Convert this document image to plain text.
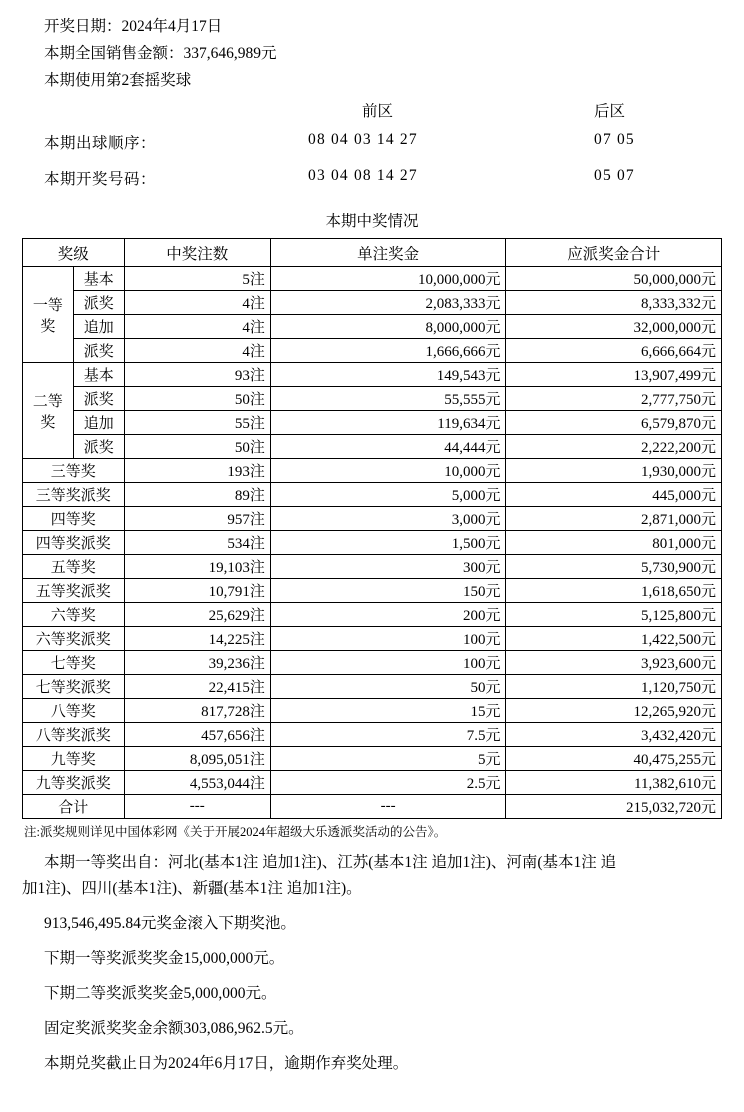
开奖日期：2024年4月17日
本期全国销售金额：337,646,989元
本期使用第2套摇奖球
前区	后区
本期出球顺序：	08 04 03 14 27	07 05
本期开奖号码：	03 04 08 14 27	05 07
本期中奖情况
奖级		中奖注数	单注奖金	应派奖金合计
一等奖	基本	5注	10,000,000元	50,000,000元
	派奖	4注	2,083,333元	8,333,332元
	追加	4注	8,000,000元	32,000,000元
	派奖	4注	1,666,666元	6,666,664元
二等奖	基本	93注	149,543元	13,907,499元
	派奖	50注	55,555元	2,777,750元
	追加	55注	119,634元	6,579,870元
	派奖	50注	44,444元	2,222,200元
三等奖		193注	10,000元	1,930,000元
三等奖派奖		89注	5,000元	445,000元
四等奖		957注	3,000元	2,871,000元
四等奖派奖		534注	1,500元	801,000元
五等奖		19,103注	300元	5,730,900元
五等奖派奖		10,791注	150元	1,618,650元
六等奖		25,629注	200元	5,125,800元
六等奖派奖		14,225注	100元	1,422,500元
七等奖		39,236注	100元	3,923,600元
七等奖派奖		22,415注	50元	1,120,750元
八等奖		817,728注	15元	12,265,920元
八等奖派奖		457,656注	7.5元	3,432,420元
九等奖		8,095,051注	5元	40,475,255元
九等奖派奖		4,553,044注	2.5元	11,382,610元
合计		---	---	215,032,720元
注:派奖规则详见中国体彩网《关于开展2024年超级大乐透派奖活动的公告》。
本期一等奖出自：河北(基本1注 追加1注)、江苏(基本1注 追加1注)、河南(基本1注 追
加1注)、四川(基本1注)、新疆(基本1注 追加1注)。
913,546,495.84元奖金滚入下期奖池。
下期一等奖派奖奖金15,000,000元。
下期二等奖派奖奖金5,000,000元。
固定奖派奖奖金余额303,086,962.5元。
本期兑奖截止日为2024年6月17日，逾期作弃奖处理。
